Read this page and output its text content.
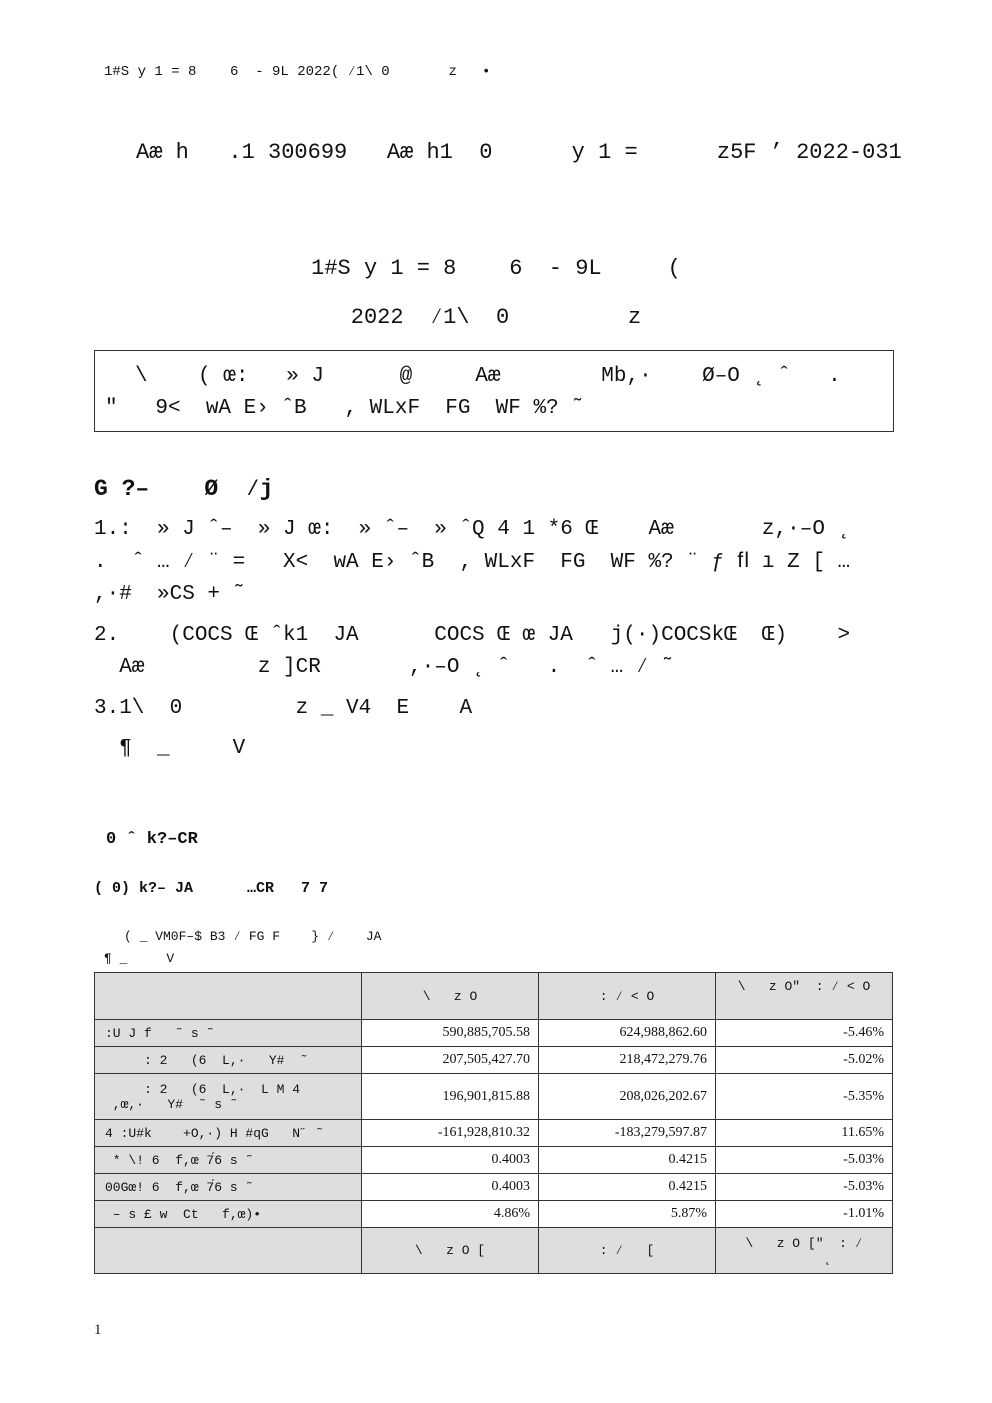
1#S y 1 = 8    6  - 9L 2022( ⁄1\ 0       z   •
Aæ h   .1 300699   Aæ h1  0      y 1 =      z5F ’ 2022-031
1#S y 1 = 8    6  - 9L     (
2022  ⁄1\  0         z

\    ( œ:   » J      @     Aæ        Mb,·    Ø–O ˛ ˆ   .

"   9<  wA E› ˆB   , WLxF  FG  WF %? ˜

G ?–    Ø  ⁄j
1.:  » J ˆ–  » J œ:  » ˆ–  » ˆQ 4 1 *6 Œ    Aæ       z,·–O ˛
.  ˆ … ⁄ ¨ =   X<  wA E› ˆB  , WLxF  FG  WF %? ¨ ƒ ﬂ ı Z [ …
,·#  »CS + ˜
2.    (COCS Œ ˆk1  JA      COCS Œ œ JA   j(·)COCSkŒ  Œ)    >
Aæ         z ]CR       ,·–O ˛ ˆ   .  ˆ … ⁄ ˜
3.1\  0         z _ V4  E    A
¶  _     V
0 ˆ k?–CR
( 0) k?– JA      …CR   7 7
( _ VM0F–$ B3 ⁄ FG F    } ⁄    JA
¶ _     V
	\   z O	: ⁄ < O	\   z O"  : ⁄ < O
:U J f   ˜ s ˜	590,885,705.58	624,988,862.60	-5.46%
: 2   (6  L,·   Y#  ˜	207,505,427.70	218,472,279.76	-5.02%
: 2   (6  L,·  L M 4
,œ,·   Y#  ˜ s ˜	196,901,815.88	208,026,202.67	-5.35%
4 :U#k    +O,·) H #qG   N˝ ˜	-161,928,810.32	-183,279,597.87	11.65%
* \! 6  f,œ 7́6 s ˜	0.4003	0.4215	-5.03%
00Gœ! 6  f,œ 7́6 s ˜	0.4003	0.4215	-5.03%
– s £ w  Ct   f,œ)•	4.86%	5.87%	-1.01%
	\   z O [	: ⁄   [	\   z O ["  : ⁄
˛
1
